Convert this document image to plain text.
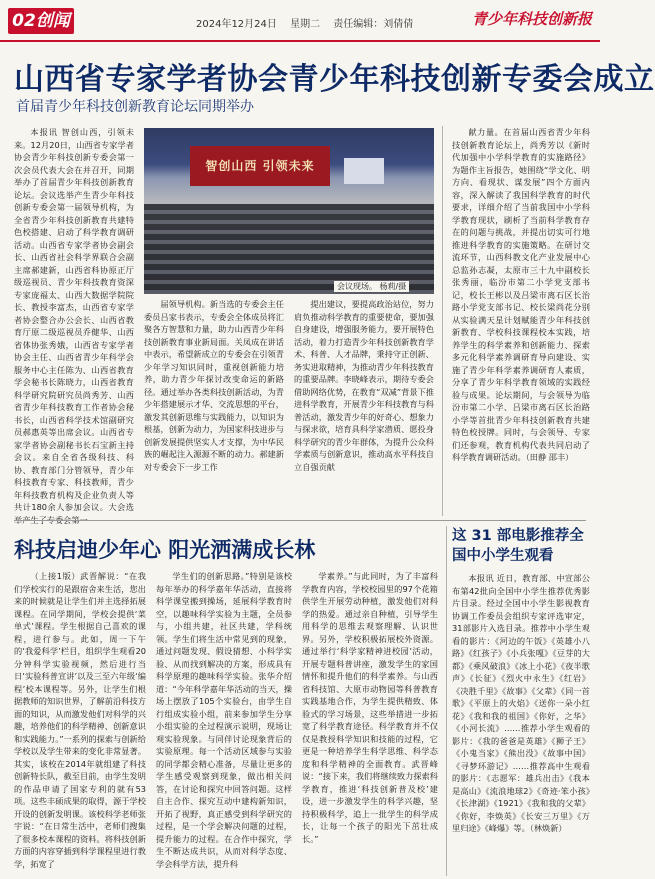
02创闻	2024年12月24日 星期二 责任编辑：刘倩倩	青少年科技创新报
山西省专家学者协会青少年科技创新专委会成立
首届青少年科技创新教育论坛同期举办

本报讯 智创山西，引领未来。12月20日，山西省专家学者协会青少年科技创新专委会第一次会员代表大会在并召开，同期举办了首届青少年科技创新教育论坛。会议选举产生青少年科技创新专委会第一届领导机构，为全省青少年科技创新教育共建特色校搭建、启动了科学教育调研活动。山西省专家学者协会副会长、山西省社会科学界联合会副主席郝建新，山西省科协原正厅级巡视员、青少年科技教育资深专家庞福太、山西大数据学院院长、教授李富杰，山西省专家学者协会整合办公会长、山西省教育厅原二级巡视员乔健华、山西省体协张秀娥，山西省专家学者协会主任、山西省青少年科学会服务中心主任陈为、山西省教育学会秘书长陈晓力，山西省教育科学研究院研究员尚秀芳、山西省青少年科技教育工作者协会秘书长，山西省科学技术馆副研究员郝惠英等出席会议。山西省专家学者协会副秘书长石宝新主持会议。来自全省各级科技、科协、教育部门分管领导，青少年科技教育专家、科技教师，青少年科技教育机构及企业负责人等共计180余人参加会议。大会选

智创山西 引领未来
会议现场。 杨莉/摄

届领导机构。新当选的专委会主任委员吕家书表示，专委会全体成员将汇聚各方智慧和力量，助力山西青少年科技创新教育事业新局面。关凤成在讲话中表示，希望新成立的专委会在引领青少年学习知识同时，重视创新能力培养，助力青少年探讨改变命运的新路径。通过举办各类科技创新活动，为青少年搭建展示才华、交流思想的平台，激发其创新思维与实践能力，以知识为根基，创新为动力，为国家科技进步与创新发展提供坚实人才支撑，为中华民族的崛起注入源源不断的动力。郝建新对专委会下一步工作

提出建议，要提高政治站位，努力肩负推动科学教育的重要使命，要加强自身建设，增强服务能力，要开展特色活动，着力打造青少年科技创新教育学术、科普、人才品牌，秉持守正创新、务实进取精神，为推动青少年科技教育的重要品牌。李晓峰表示，期待专委会借助网络优势，在教育“双减”背景下推进科学教育，开展青少年科技教育与科普活动，激发青少年的好奇心、想象力与探求欲，培育具科学家潜质、愿投身科学研究的青少年群体，为提升公众科学素质与创新意识，推动高水平科技自立自强贡献

献力量。在首届山西省青少年科技创新教育论坛上，尚秀芳以《新时代加强中小学科学教育的实施路径》为题作主旨报告，她围绕“学文化、明方向、看现状、谋发展”四个方面内容，深入解读了我国科学教育的时代要求，详细介绍了当前我国中小学科学教育现状，刷析了当前科学教育存在的问题与挑战，并提出切实可行地推进科学教育的实施策略。在研讨交流环节，山西科教文化产业发展中心总监孙志凝，太原市三十九中副校长张秀丽，临汾市第二小学党支部书记，校长王彬以及吕梁市离石区长治路小学党支部书记、校长梁尚花分别从实验满天星计划赋能青少年科技创新教育、学校科技课程校本实践，培养学生的科学素养和创新能力、探索多元化科学素养调研育导向建设、实施了青少年科学素养调研育人素质，分享了青少年科学教育领域的实践经验与成果。论坛期间，与会领导为临汾市第二小学、吕梁市离石区长治路小学等首批青少年科技创新教育共建特色校授牌。同时，与会领导、专家们还参观，教育机构代表共同启动了科学教育调研活动。（田静 邵丰）

科技启迪少年心 阳光洒满成长林

（上接1版）武晋解说：“在我们学校实行的是跟宿舍来生活，您出来的时候就是让学生们并主选择拓展课程。在同学期间，学校会提供‘菜单式’课程。学生根据自己喜欢的课程，进行参与。此如，周一下午的‘我爱科学’栏目，组织学生观看20分钟科学实验视频，然后进行当日‘实验科普宣讲’以及三至六年级‘编程’校本课程等。另外，让学生们根据教师的知识世界，了解前沿科技方面的知识，从而激发他们对科学的兴趣，培养他们的科学精神、创新意识和实践能力。”一系列的探索与创新给学校以及学生带来的变化非常显著。其实，该校在2014年就组建了科技创新特长队，截至目前，由学生发明的作品申请了国家专利的就有53项。这些丰硕成果的取得，源于学校开设的创新发明课。该校科学老师张宇说：“在日常生活中，老师们搜集了很多校本课程的资料。将科技创新方面的内容穿插到科学课程里进行教学，拓宽了

学生们的创新思路。”特别是该校每年举办的科学嘉年华活动，直接将科学课堂搬到操场，延展科学教育时空，以趣味科学实验为主题，全员参与，小组共建，社区共建，学科统领。学生们将生活中常见到的现象，通过问题发现、假设猜想、小科学实验、从而找到解决的方案，形成具有科学原理的趣味科学实验。张华介绍道：“今年科学嘉年华活动的当天，操场上摆放了105个实验台，由学生自行组成实验小组，前来参加学生分享小组实验的全过程演示说明，现场让观实验现象。与同伴讨论现象背后的实验原理。每一个活动区域参与实验的同学都会精心准备，尽量让更多的学生感受观察到现象，做出相关问答，在讨论和探究中回答问题。这样自主合作、探究互动中建构新知识，开拓了视野，真正感受到科学研究的过程，是一个学会解决问题的过程，提升能力的过程。在合作中探究，学生不断达成共识，从而对科学态度、学会科学方法，提升科

学素养。”与此同时，为了丰富科学教育内容，学校校园里的97个花箱供学生开展劳动种植，激发他们对科学的热爱。通过亲自种植，引导学生用科学的思维去观察理解、认识世界。另外，学校积极拓展校外资源。通过举行‘科学家精神进校园’活动，开展专题科普讲座，激发学生的家国情怀和提升他们的科学素养。与山西省科技馆、大原市动物园等科普教育实践基地合作，为学生提供精致、体验式的学习场景，这些举措进一步拓宽了科学教育途径。科学教育并不仅仅是教授科学知识和技能的过程，它更是一种培养学生科学思维、科学态度和科学精神的全面教育。武晋峰说：“接下来，我们将继续致力探索科学教育，推进‘科技创新普及校’建设，进一步激发学生的科学兴趣，坚持积极科学，追上一批学生的科学成长，让每一个孩子的阳光下茁壮成长。”

这 31 部电影推荐全国中小学生观看

本报讯 近日，教育部、中宣部公布第42批向全国中小学生推荐优秀影片目录。经过全国中小学生影视教育协调工作委员会组织专家评选审定，31部影片入选目录。推荐中小学生观看的影片：《河边的午饭》《英雄小八路》《红孩子》《小兵张嘎》《豆芽的大都》《乘风破浪》《冰上小花》《夜半歌声》《长征》《烈火中永生》《红岩》《决胜千里》《故事》《父辈》《同一首歌》《平原上的火焰》《送你一朵小红花》《我和我的祖国》《你好，之华》《小河长流》……推荐小学生观看的影片：《我的爸爸是英雄》《狮子王》《小鬼当家》《熊出没》《故事中国》《寻梦环游记》……推荐高中生观看的影片：《志愿军：雄兵出击》《我本是高山》《流浪地球2》《奇迹·笨小孩》《长津湖》《1921》《我和我的父辈》《你好，李焕英》《长安三万里》《万里归途》《峰爆》等。（林焕新）
